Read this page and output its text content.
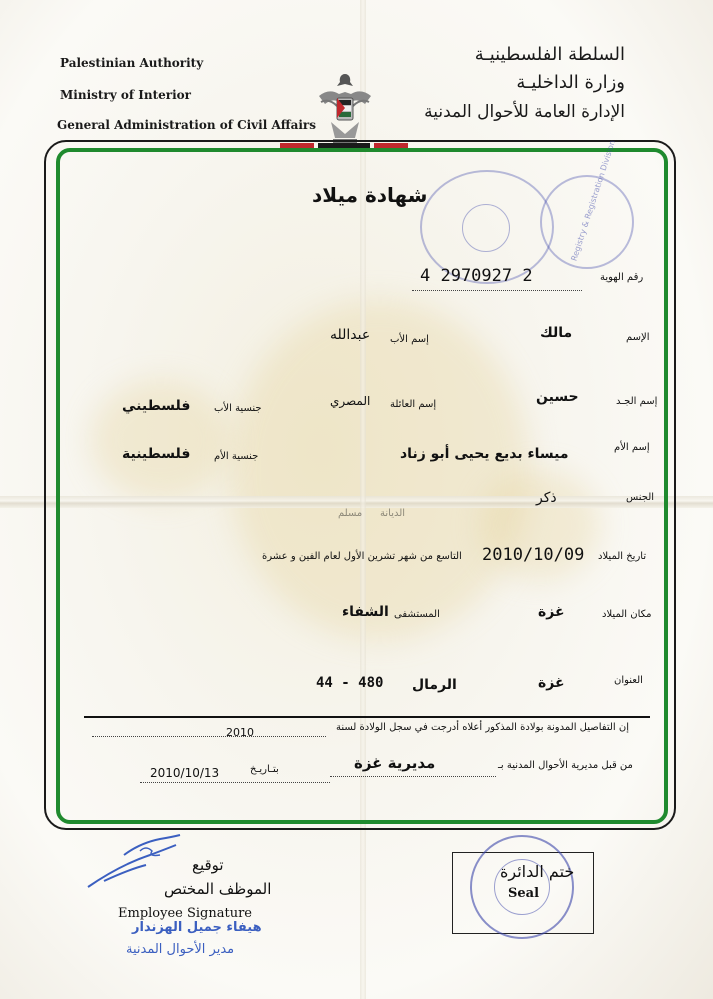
Palestinian Authority
Ministry of Interior
General Administration of Civil Affairs
السلطة الفلسطينيـة
وزارة الداخليـة
الإدارة العامة للأحوال المدنية
Registry & Registration Division
شهادة ميلاد
رقم الهوية
4 2970927 2
الإسم
مالك
إسم الأب
عبدالله
إسم الجـد
حسين
إسم العائلة
المصري
جنسية الأب
فلسطيني
إسم الأم
ميساء بديع يحيى أبو زناد
جنسية الأم
فلسطينية
الجنس
ذكر
الديانة
مسلم
تاريخ الميلاد
2010/10/09
التاسع من شهر تشرين الأول لعام الفين و عشرة
مكان الميلاد
غزة
المستشفى
الشفاء
العنوان
غزة
الرمال
44 - 480
إن التفاصيل المدونة بولادة المذكور أعلاه أدرجت في سجل الولادة لسنة
2010
من قبل مديرية الأحوال المدنية بـ
مديرية غزة
بتـاريـخ
2010/10/13
توقيع
الموظف المختص
Employee Signature
هيفاء جميل الهزندار
مدير الأحوال المدنية
ختم الدائرة
Seal
